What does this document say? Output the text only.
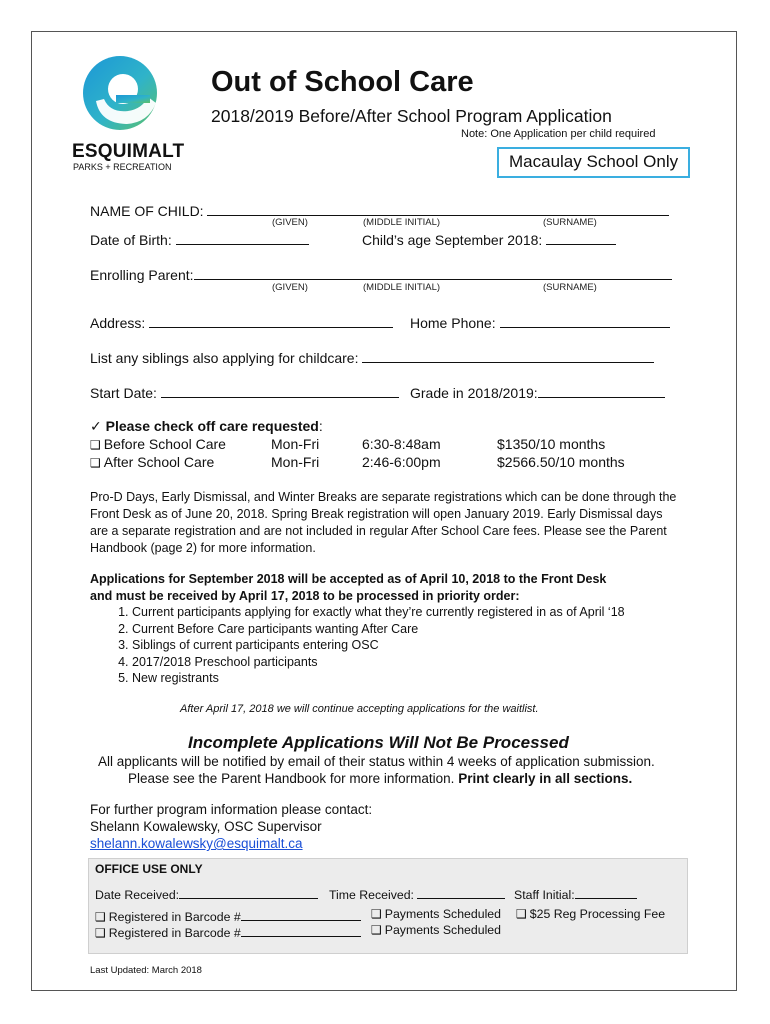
ESQUIMALT
PARKS + RECREATION
Out of School Care
2018/2019 Before/After School Program Application
Note: One Application per child required
Macaulay School Only
NAME OF CHILD:
(GIVEN)	(MIDDLE INITIAL)	(SURNAME)
Date of Birth:	Child’s age September 2018:
Enrolling Parent:
(GIVEN)	(MIDDLE INITIAL)	(SURNAME)
Address:	Home Phone:
List any siblings also applying for childcare:
Start Date:	Grade in 2018/2019:
✓ Please check off care requested:
❑ Before School Care	Mon-Fri	6:30-8:48am	$1350/10 months
❑ After School Care	Mon-Fri	2:46-6:00pm	$2566.50/10 months
Pro-D Days, Early Dismissal, and Winter Breaks are separate registrations which can be done through the Front Desk as of June 20, 2018. Spring Break registration will open January 2019. Early Dismissal days are a separate registration and are not included in regular After School Care fees. Please see the Parent Handbook (page 2) for more information.
Applications for September 2018 will be accepted as of April 10, 2018 to the Front Desk
and must be received by April 17, 2018 to be processed in priority order:
1. Current participants applying for exactly what they’re currently registered in as of April ‘18
2. Current Before Care participants wanting After Care
3. Siblings of current participants entering OSC
4. 2017/2018 Preschool participants
5. New registrants
After April 17, 2018 we will continue accepting applications for the waitlist.
Incomplete Applications Will Not Be Processed
All applicants will be notified by email of their status within 4 weeks of application submission.
Please see the Parent Handbook for more information. Print clearly in all sections.
For further program information please contact:
Shelann Kowalewsky, OSC Supervisor
shelann.kowalewsky@esquimalt.ca
OFFICE USE ONLY
Date Received:	Time Received:	Staff Initial:
❑ Registered in Barcode #	❑ Payments Scheduled ❑ $25 Reg Processing Fee
❑ Registered in Barcode #	❑ Payments Scheduled
Last Updated: March 2018
